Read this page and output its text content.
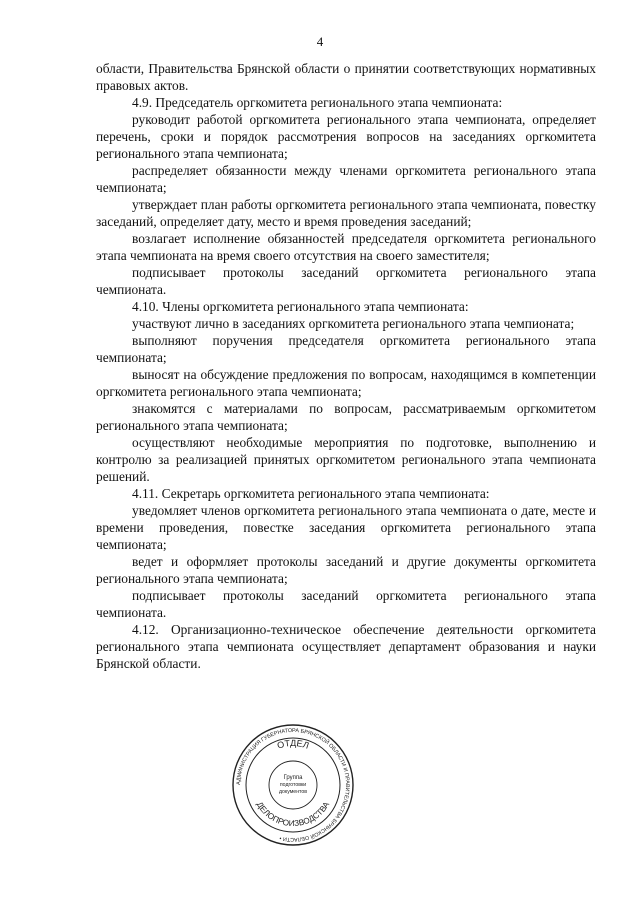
4

области, Правительства Брянской области о принятии соответствующих нормативных правовых актов.

4.9. Председатель оргкомитета регионального этапа чемпионата:

руководит работой оргкомитета регионального этапа чемпионата, определяет перечень, сроки и порядок рассмотрения вопросов на заседаниях оргкомитета регионального этапа чемпионата;

распределяет обязанности между членами оргкомитета регионального этапа чемпионата;

утверждает план работы оргкомитета регионального этапа чемпионата, повестку заседаний, определяет дату, место и время проведения заседаний;

возлагает исполнение обязанностей председателя оргкомитета регионального этапа чемпионата на время своего отсутствия на своего заместителя;

подписывает протоколы заседаний оргкомитета регионального этапа чемпионата.

4.10. Члены оргкомитета регионального этапа чемпионата:

участвуют лично в заседаниях оргкомитета регионального этапа чемпионата;

выполняют поручения председателя оргкомитета регионального этапа чемпионата;

выносят на обсуждение предложения по вопросам, находящимся в компетенции оргкомитета регионального этапа чемпионата;

знакомятся с материалами по вопросам, рассматриваемым оргкомитетом регионального этапа чемпионата;

осуществляют необходимые мероприятия по подготовке, выполнению и контролю за реализацией принятых оргкомитетом регионального этапа чемпионата решений.

4.11. Секретарь оргкомитета регионального этапа чемпионата:

уведомляет членов оргкомитета регионального этапа чемпионата о дате, месте и времени проведения, повестке заседания оргкомитета регионального этапа чемпионата;

ведет и оформляет протоколы заседаний и другие документы оргкомитета регионального этапа чемпионата;

подписывает протоколы заседаний оргкомитета регионального этапа чемпионата.

4.12. Организационно-техническое обеспечение деятельности оргкомитета регионального этапа чемпионата осуществляет департамент образования и науки Брянской области.

АДМИНИСТРАЦИЯ ГУБЕРНАТОРА БРЯНСКОЙ ОБЛАСТИ И ПРАВИТЕЛЬСТВА БРЯНСКОЙ ОБЛАСТИ •
ОТДЕЛ
ДЕЛОПРОИЗВОДСТВА
Группа
подготовки
документов
